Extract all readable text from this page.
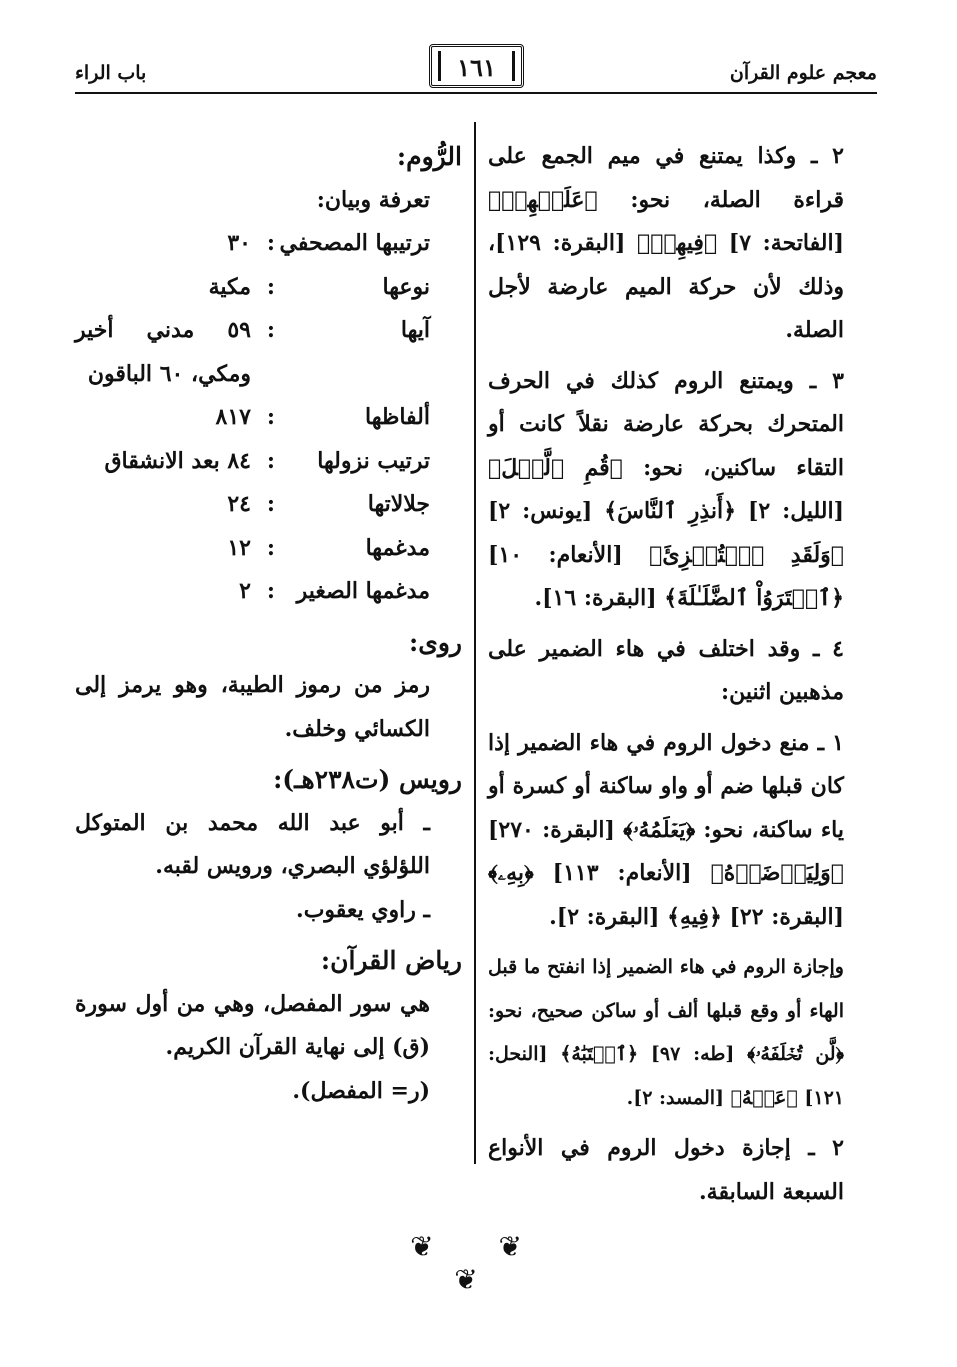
معجم علوم القرآن
١٦١
باب الراء

٢ ـ وكذا يمتنع في ميم الجمع على قراءة الصلة، نحو: ﴿عَلَيۡهِمۡ﴾ [الفاتحة: ٧] ﴿فِيهِمۡ﴾ [البقرة: ١٢٩]، وذلك لأن حركة الميم عارضة لأجل الصلة.

٣ ـ ويمتنع الروم كذلك في الحرف المتحرك بحركة عارضة نقلاً كانت أو التقاء ساكنين، نحو: ﴿قُمِ ٱلَّيۡلَ﴾ [الليل: ٢] ﴿أَنذِرِ ٱلنَّاسَ﴾ [يونس: ٢] ﴿وَلَقَدِ ٱسۡتُهۡزِئَ﴾ [الأنعام: ١٠] ﴿ٱشۡتَرَوُاْ ٱلضَّلَـٰلَةَ﴾ [البقرة: ١٦].

٤ ـ وقد اختلف في هاء الضمير على مذهبين اثنين:

١ ـ منع دخول الروم في هاء الضمير إذا كان قبلها ضم أو واو ساكنة أو كسرة أو ياء ساكنة، نحو: ﴿يَعۡلَمُهُۥ﴾ [البقرة: ٢٧٠] ﴿وَلِيَرۡضَوۡهُ﴾ [الأنعام: ١١٣] ﴿بِهِۦ﴾ [البقرة: ٢٢] ﴿فِيهِ﴾ [البقرة: ٢].

وإجازة الروم في هاء الضمير إذا انفتح ما قبل الهاء أو وقع قبلها ألف أو ساكن صحيح، نحو: ﴿لَّن تُخۡلَفَهُۥ﴾ [طه: ٩٧] ﴿ٱجۡتَبَٰهُ﴾ [النحل: ١٢١] ﴿عَنۡهُ﴾ [المسد: ٢].

٢ ـ إجازة دخول الروم في الأنواع السبعة السابقة.

الرُّوم:

تعرفة وبيان:

ترتيبها المصحفي
:
٣٠
نوعها
:
مكية
آيها
:
٥٩ مدني أخير ومكي، ٦٠ الباقون
ألفاظها
:
٨١٧
ترتيب نزولها
:
٨٤ بعد الانشقاق
جلالاتها
:
٢٤
مدغمها
:
١٢
مدغمها الصغير
:
٢

روى:

رمز من رموز الطيبة، وهو يرمز إلى الكسائي وخلف.

رويس (ت٢٣٨هـ):

ـ أبو عبد الله محمد بن المتوكل اللؤلؤي البصري، ورويس لقبه.

ـ راوي يعقوب.

رياض القرآن:

هي سور المفصل، وهي من أول سورة (ق) إلى نهاية القرآن الكريم.

(ر= المفصل).

❦ ❦ ❦
